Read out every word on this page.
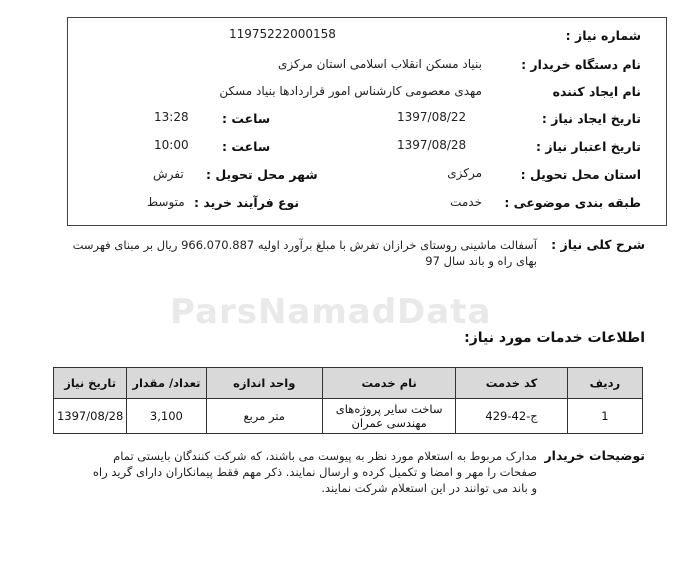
ParsNamadData
شماره نیاز :
11975222000158
نام دستگاه خریدار :
بنیاد مسکن انقلاب اسلامی استان مرکزی
نام ایجاد کننده
مهدی معصومی کارشناس امور قراردادها بنیاد مسکن
تاریخ ایجاد نیاز :
1397/08/22
ساعت :
13:28
تاریخ اعتبار نیاز :
1397/08/28
ساعت :
10:00
استان محل تحویل :
مرکزی
شهر محل تحویل :
تفرش
طبقه بندی موضوعی :
خدمت
نوع فرآیند خرید :
متوسط
شرح کلی نیاز :
آسفالت ماشینی روستای خرازان تفرش با مبلغ برآورد اولیه 966.070.887 ریال بر مبنای فهرست بهای راه و باند سال 97
اطلاعات خدمات مورد نیاز:
ردیف	کد خدمت	نام خدمت	واحد اندازه	تعداد/ مقدار	تاریخ نیاز
1	ج-42-429	ساخت سایر پروژه‌های مهندسی عمران	متر مربع	3,100	1397/08/28
توضیحات خریدار
مدارک مربوط به استعلام مورد نظر به پیوست می باشند، که شرکت کنندگان بایستی تمام صفحات را مهر و امضا و تکمیل کرده و ارسال نمایند. ذکر مهم فقط پیمانکاران دارای گرید راه و باند می توانند در این استعلام شرکت نمایند.
